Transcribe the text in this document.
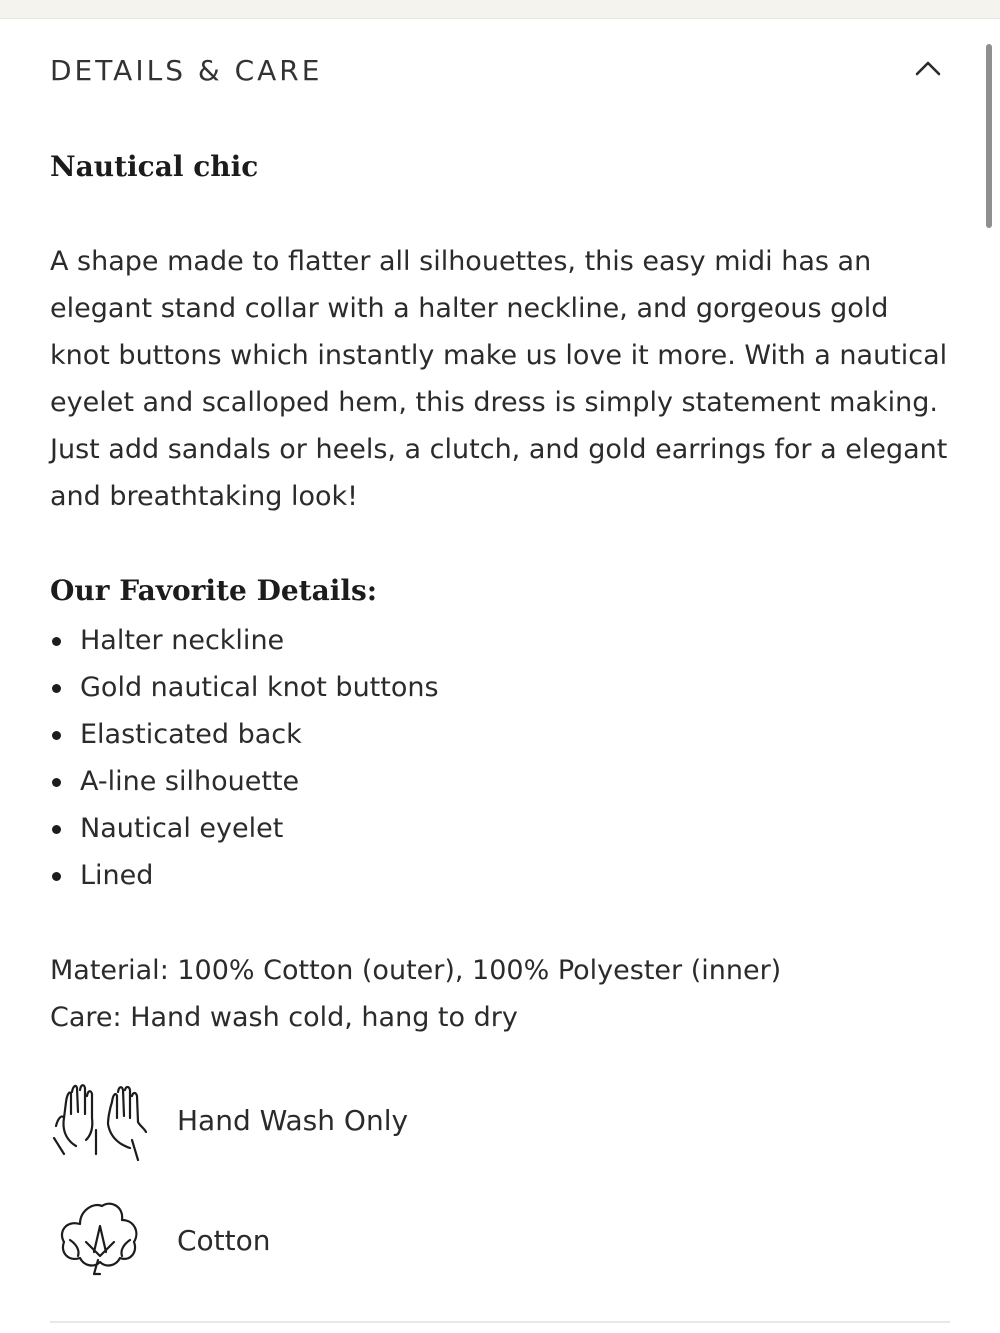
DETAILS & CARE
Nautical chic
A shape made to flatter all silhouettes, this easy midi has an elegant stand collar with a halter neckline, and gorgeous gold knot buttons which instantly make us love it more. With a nautical eyelet and scalloped hem, this dress is simply statement making. Just add sandals or heels, a clutch, and gold earrings for a elegant and breathtaking look!
Our Favorite Details:
Halter neckline
Gold nautical knot buttons
Elasticated back
A-line silhouette
Nautical eyelet
Lined
Material: 100% Cotton (outer), 100% Polyester (inner)
Care: Hand wash cold, hang to dry
Hand Wash Only
Cotton
